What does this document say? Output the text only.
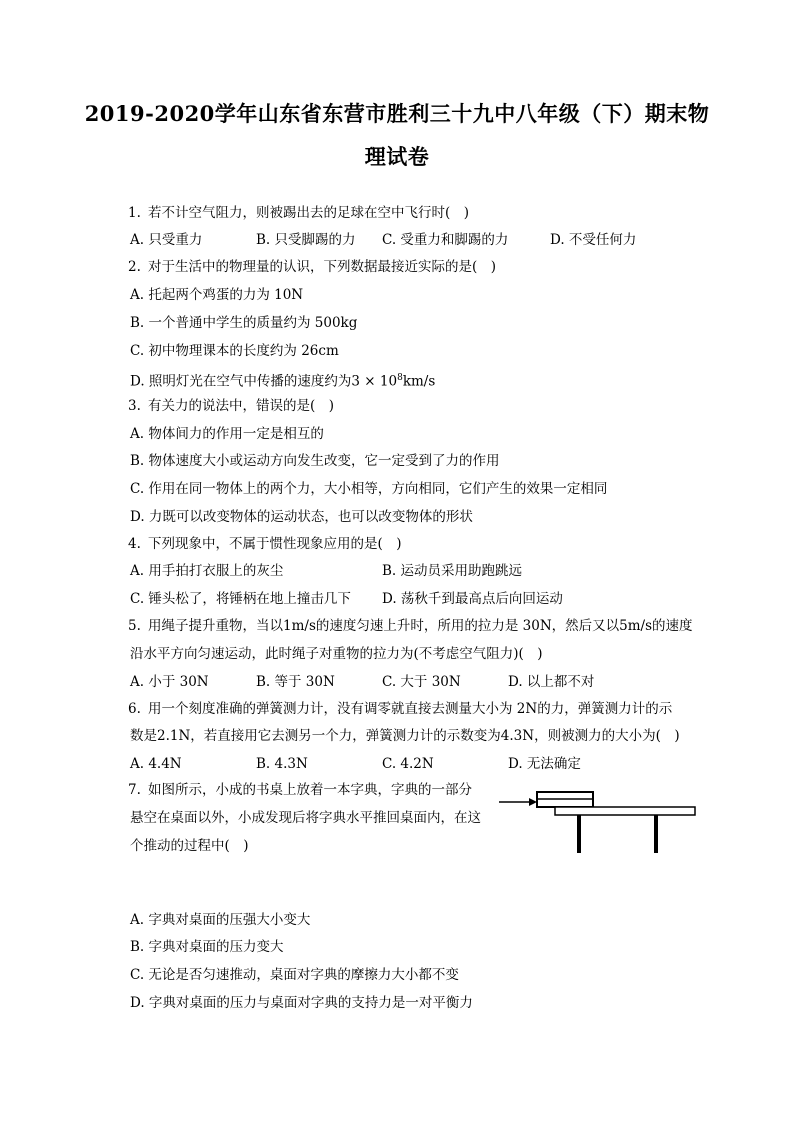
2019-2020学年山东省东营市胜利三十九中八年级（下）期末物
理试卷
1. 若不计空气阻力，则被踢出去的足球在空中飞行时(　)
A. 只受重力	B. 只受脚踢的力 C. 受重力和脚踢的力	D. 不受任何力
2. 对于生活中的物理量的认识，下列数据最接近实际的是(　)
A. 托起两个鸡蛋的力为 10N
B. 一个普通中学生的质量约为 500kg
C. 初中物理课本的长度约为 26cm
D. 照明灯光在空气中传播的速度约为$3 \times 10^8km/s$
3. 有关力的说法中，错误的是(　)
A. 物体间力的作用一定是相互的
B. 物体速度大小或运动方向发生改变，它一定受到了力的作用
C. 作用在同一物体上的两个力，大小相等，方向相同，它们产生的效果一定相同
D. 力既可以改变物体的运动状态，也可以改变物体的形状
4. 下列现象中，不属于惯性现象应用的是(　)
A. 用手拍打衣服上的灰尘	B. 运动员采用助跑跳远
C. 锤头松了，将锤柄在地上撞击几下 D. 荡秋千到最高点后向回运动
5. 用绳子提升重物，当以1m/s的速度匀速上升时，所用的拉力是 30N，然后又以5m/s的速度
沿水平方向匀速运动，此时绳子对重物的拉力为(不考虑空气阻力)(　)
A. 小于 30N	B. 等于 30N	C. 大于 30N	D. 以上都不对
6. 用一个刻度准确的弹簧测力计，没有调零就直接去测量大小为 2N的力，弹簧测力计的示
数是2.1N，若直接用它去测另一个力，弹簧测力计的示数变为4.3N，则被测力的大小为(　)
A. 4.4N	B. 4.3N	C. 4.2N	D. 无法确定
7. 如图所示，小成的书桌上放着一本字典，字典的一部分
悬空在桌面以外，小成发现后将字典水平推回桌面内，在这
个推动的过程中(　)
A. 字典对桌面的压强大小变大
B. 字典对桌面的压力变大
C. 无论是否匀速推动，桌面对字典的摩擦力大小都不变
D. 字典对桌面的压力与桌面对字典的支持力是一对平衡力
